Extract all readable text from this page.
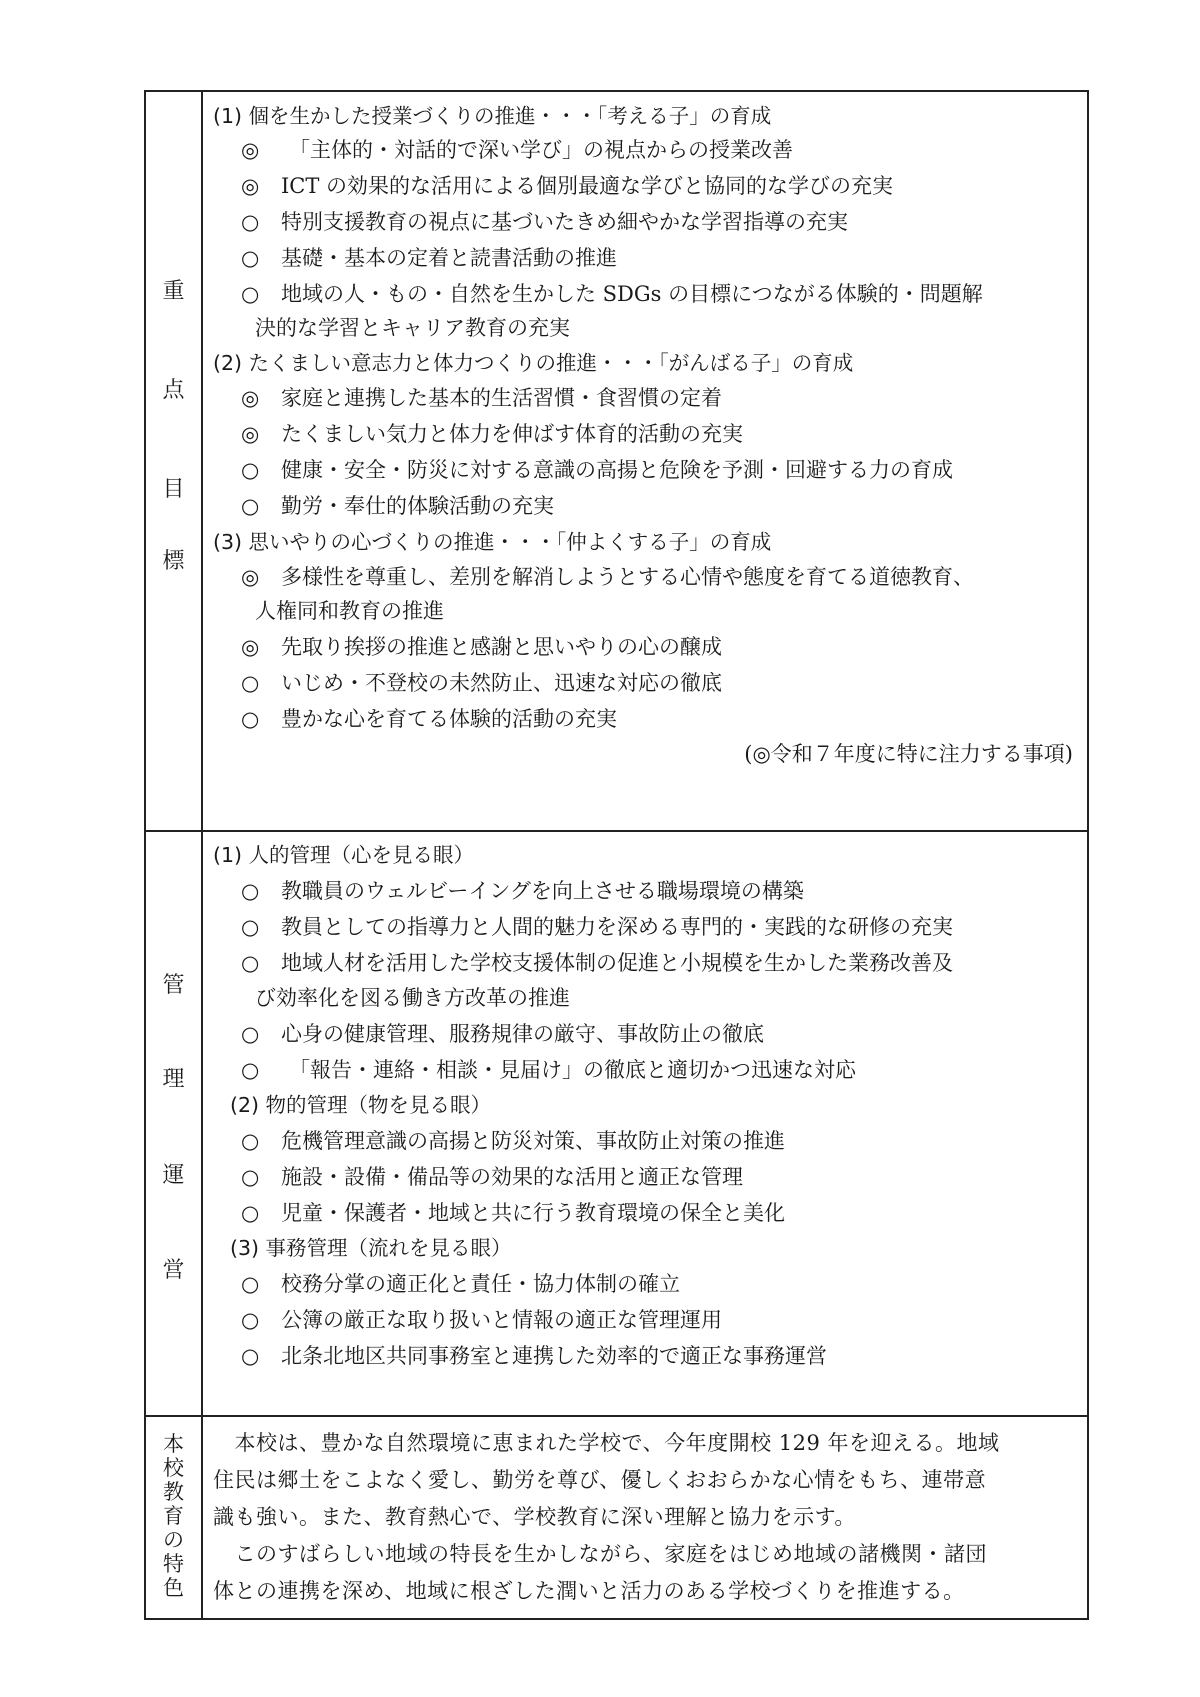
重
点
目
標
(1) 個を生かした授業づくりの推進・・・「考える子」の育成
◎ 「主体的・対話的で深い学び」の視点からの授業改善
◎ ICT の効果的な活用による個別最適な学びと協同的な学びの充実
○ 特別支援教育の視点に基づいたきめ細やかな学習指導の充実
○ 基礎・基本の定着と読書活動の推進
○ 地域の人・もの・自然を生かした SDGs の目標につながる体験的・問題解
決的な学習とキャリア教育の充実
(2) たくましい意志力と体力つくりの推進・・・「がんばる子」の育成
◎ 家庭と連携した基本的生活習慣・食習慣の定着
◎ たくましい気力と体力を伸ばす体育的活動の充実
○ 健康・安全・防災に対する意識の高揚と危険を予測・回避する力の育成
○ 勤労・奉仕的体験活動の充実
(3) 思いやりの心づくりの推進・・・「仲よくする子」の育成
◎ 多様性を尊重し、差別を解消しようとする心情や態度を育てる道徳教育、
人権同和教育の推進
◎ 先取り挨拶の推進と感謝と思いやりの心の醸成
○ いじめ・不登校の未然防止、迅速な対応の徹底
○ 豊かな心を育てる体験的活動の充実
(◎令和７年度に特に注力する事項)
管
理
運
営
(1) 人的管理（心を見る眼）
○ 教職員のウェルビーイングを向上させる職場環境の構築
○ 教員としての指導力と人間的魅力を深める専門的・実践的な研修の充実
○ 地域人材を活用した学校支援体制の促進と小規模を生かした業務改善及
び効率化を図る働き方改革の推進
○ 心身の健康管理、服務規律の厳守、事故防止の徹底
○ 「報告・連絡・相談・見届け」の徹底と適切かつ迅速な対応
(2) 物的管理（物を見る眼）
○ 危機管理意識の高揚と防災対策、事故防止対策の推進
○ 施設・設備・備品等の効果的な活用と適正な管理
○ 児童・保護者・地域と共に行う教育環境の保全と美化
(3) 事務管理（流れを見る眼）
○ 校務分掌の適正化と責任・協力体制の確立
○ 公簿の厳正な取り扱いと情報の適正な管理運用
○ 北条北地区共同事務室と連携した効率的で適正な事務運営
本
校
教
育
の
特
色
　本校は、豊かな自然環境に恵まれた学校で、今年度開校 129 年を迎える。地域
住民は郷土をこよなく愛し、勤労を尊び、優しくおおらかな心情をもち、連帯意
識も強い。また、教育熱心で、学校教育に深い理解と協力を示す。
　このすばらしい地域の特長を生かしながら、家庭をはじめ地域の諸機関・諸団
体との連携を深め、地域に根ざした潤いと活力のある学校づくりを推進する。
